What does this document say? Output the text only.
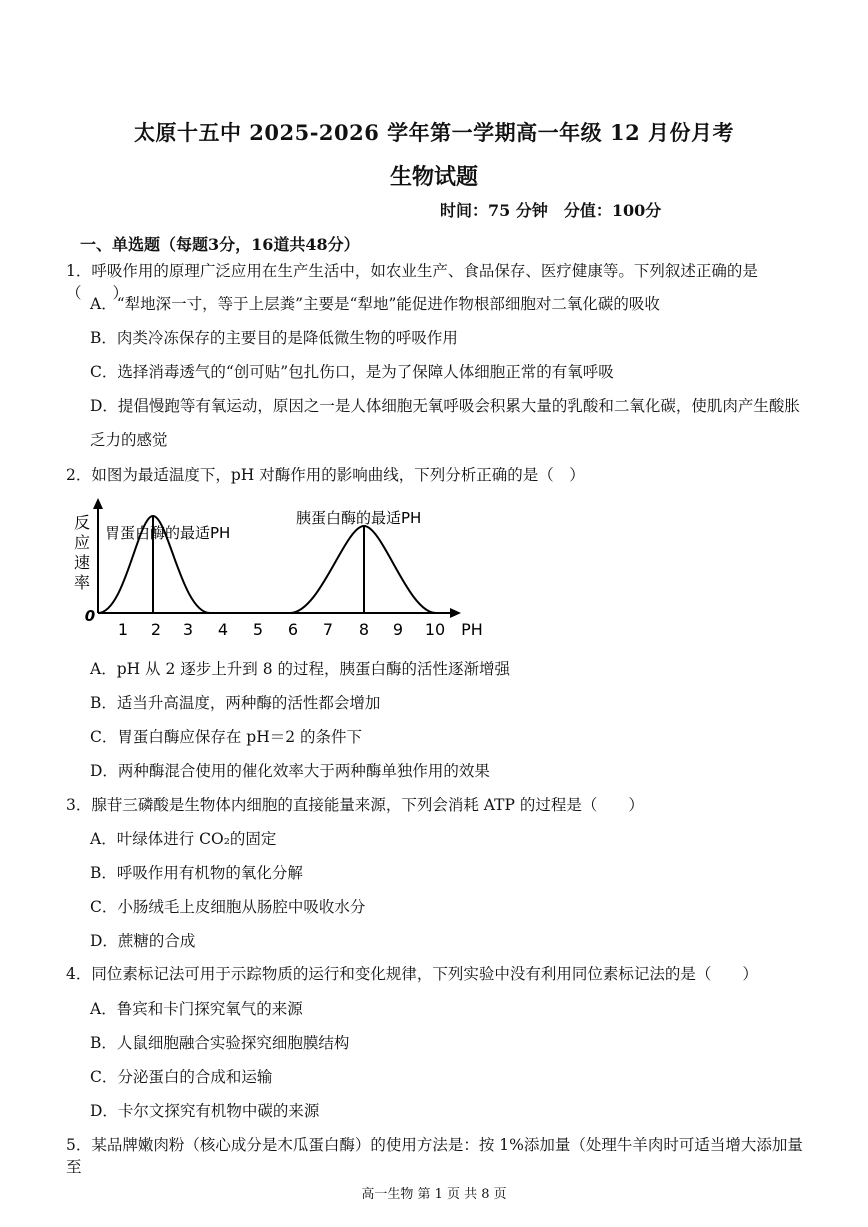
太原十五中 2025-2026 学年第一学期高一年级 12 月份月考
生物试题
时间：75 分钟　分值：100分
一、单选题（每题3分，16道共48分）
1．呼吸作用的原理广泛应用在生产生活中，如农业生产、食品保存、医疗健康等。下列叙述正确的是（　　）
A．“犁地深一寸，等于上层粪”主要是“犁地”能促进作物根部细胞对二氧化碳的吸收
B．肉类冷冻保存的主要目的是降低微生物的呼吸作用
C．选择消毒透气的“创可贴”包扎伤口，是为了保障人体细胞正常的有氧呼吸
D．提倡慢跑等有氧运动，原因之一是人体细胞无氧呼吸会积累大量的乳酸和二氧化碳，使肌肉产生酸胀
乏力的感觉
2．如图为最适温度下，pH 对酶作用的影响曲线，下列分析正确的是（　）
反
应
速
率
0
胃蛋白酶的最适PH
胰蛋白酶的最适PH
1 2 3 4 5 6 7 8 9 10 PH
A．pH 从 2 逐步上升到 8 的过程，胰蛋白酶的活性逐渐增强
B．适当升高温度，两种酶的活性都会增加
C．胃蛋白酶应保存在 pH＝2 的条件下
D．两种酶混合使用的催化效率大于两种酶单独作用的效果
3．腺苷三磷酸是生物体内细胞的直接能量来源，下列会消耗 ATP 的过程是（　　）
A．叶绿体进行 CO₂的固定
B．呼吸作用有机物的氧化分解
C．小肠绒毛上皮细胞从肠腔中吸收水分
D．蔗糖的合成
4．同位素标记法可用于示踪物质的运行和变化规律，下列实验中没有利用同位素标记法的是（　　）
A．鲁宾和卡门探究氧气的来源
B．人鼠细胞融合实验探究细胞膜结构
C．分泌蛋白的合成和运输
D．卡尔文探究有机物中碳的来源
5．某品牌嫩肉粉（核心成分是木瓜蛋白酶）的使用方法是：按 1%添加量（处理牛羊肉时可适当增大添加量至
高一生物 第 1 页 共 8 页
